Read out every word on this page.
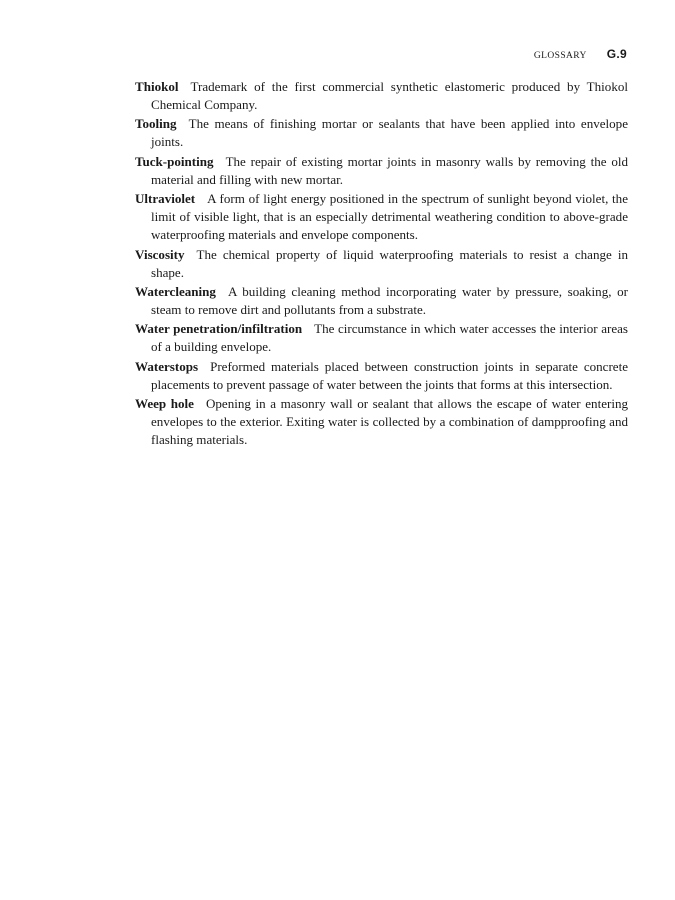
GLOSSARY G.9

Thiokol Trademark of the first commercial synthetic elastomeric produced by Thiokol Chemical Company.

Tooling The means of finishing mortar or sealants that have been applied into envelope joints.

Tuck-pointing The repair of existing mortar joints in masonry walls by removing the old material and filling with new mortar.

Ultraviolet A form of light energy positioned in the spectrum of sunlight beyond violet, the limit of visible light, that is an especially detrimental weathering condition to above-grade waterproofing materials and envelope components.

Viscosity The chemical property of liquid waterproofing materials to resist a change in shape.

Watercleaning A building cleaning method incorporating water by pressure, soaking, or steam to remove dirt and pollutants from a substrate.

Water penetration/infiltration The circumstance in which water accesses the interior areas of a building envelope.

Waterstops Preformed materials placed between construction joints in separate concrete placements to prevent passage of water between the joints that forms at this intersection.

Weep hole Opening in a masonry wall or sealant that allows the escape of water entering envelopes to the exterior. Exiting water is collected by a combination of dampproofing and flashing materials.
